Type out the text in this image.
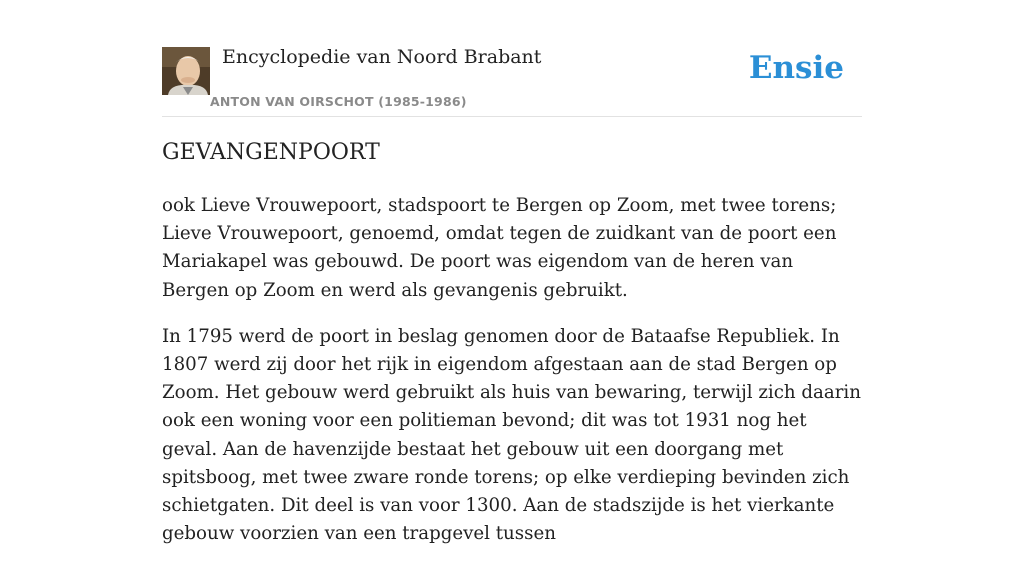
Encyclopedie van Noord Brabant
ANTON VAN OIRSCHOT (1985-1986)
Ensie
GEVANGENPOORT

ook Lieve Vrouwepoort, stadspoort te Bergen op Zoom, met twee torens; Lieve Vrouwepoort, genoemd, omdat tegen de zuidkant van de poort een Mariakapel was gebouwd. De poort was eigendom van de heren van Bergen op Zoom en werd als gevangenis gebruikt.

In 1795 werd de poort in beslag genomen door de Bataafse Republiek. In 1807 werd zij door het rijk in eigendom afgestaan aan de stad Bergen op Zoom. Het gebouw werd gebruikt als huis van bewaring, terwijl zich daarin ook een woning voor een politieman bevond; dit was tot 1931 nog het geval. Aan de havenzijde bestaat het gebouw uit een doorgang met spitsboog, met twee zware ronde torens; op elke verdieping bevinden zich schietgaten. Dit deel is van voor 1300. Aan de stadszijde is het vierkante gebouw voorzien van een trapgevel tussen
